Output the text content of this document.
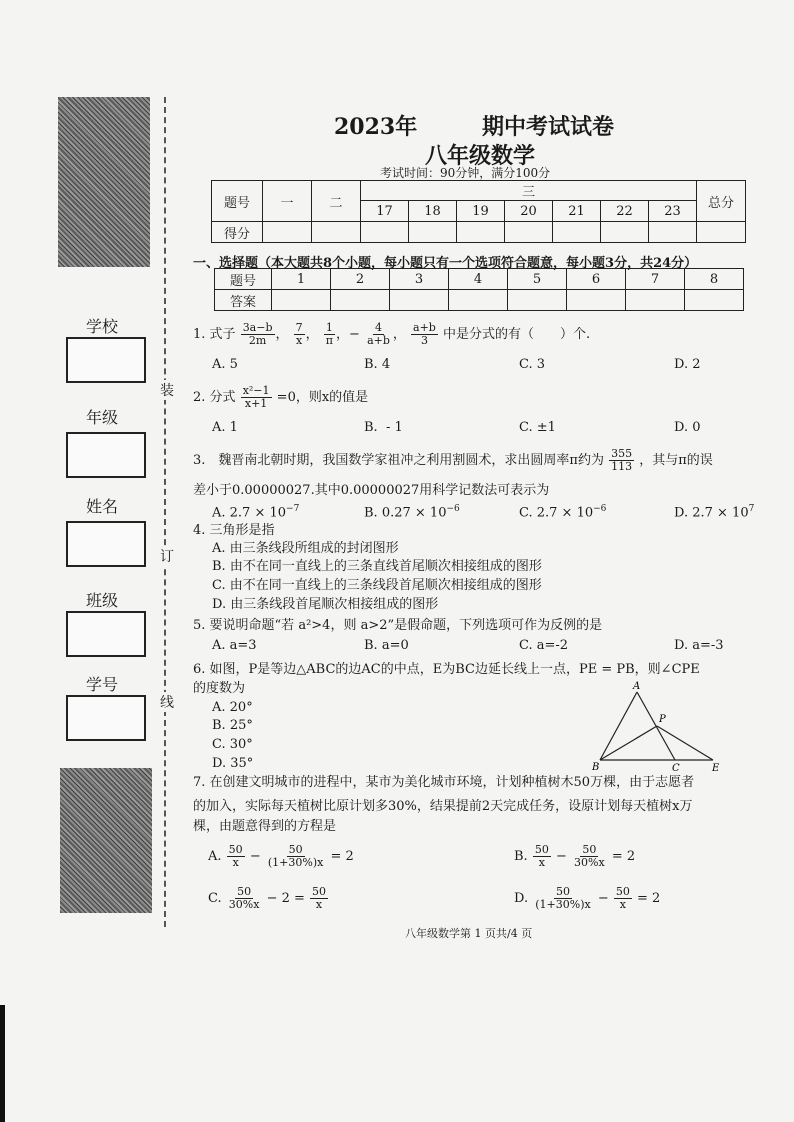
学校
年级
姓名
班级
学号
装
订
线
2023年	期中考试试卷
八年级数学
考试时间：90分钟，满分100分
题号	一	二	三							总分
			17	18	19	20	21	22	23	
得分										
一、选择题（本大题共8个小题，每小题只有一个选项符合题意，每小题3分，共24分）
题号	1	2	3	4	5	6	7	8
答案								
1. 式子 $\frac{3a-b}{2m}$ ， $\frac{7}{x}$ ， $\frac{1}{\pi}$ ，− $\frac{4}{a+b}$ ， $\frac{a+b}{3}$ 中是分式的有（　　）个.
A. 5	B. 4	C. 3	D. 2
2. 分式 $\frac{\text{x²−1}}{x+1} =0$，则x的值是
A. 1	B.  - 1	C. ±1	D. 0
3.　魏晋南北朝时期，我国数学家祖冲之利用割圆术，求出圆周率π约为 $\frac{355}{113}$ ，其与π的误
差小于0.00000027.其中0.00000027用科学记数法可表示为
A. $2.7 \times 10^{-7}$	B. $0.27 \times 10^{-6}$	C. $2.7 \times 10^{-6}$	D. $2.7 \times 10^7$
4. 三角形是指
A. 由三条线段所组成的封闭图形
B. 由不在同一直线上的三条直线首尾顺次相接组成的图形
C. 由不在同一直线上的三条线段首尾顺次相接组成的图形
D. 由三条线段首尾顺次相接组成的图形
5. 要说明命题“若 a²>4，则 a>2”是假命题，下列选项可作为反例的是
A. a=3	B. a=0	C. a=-2	D. a=-3
6. 如图，P是等边△ABC的边AC的中点，E为BC边延长线上一点，PE = PB，则∠CPE
的度数为
A. 20°
B. 25°
C. 30°
D. 35°
A
P
B	C	E
7. 在创建文明城市的进程中，某市为美化城市环境，计划种植树木50万棵，由于志愿者
的加入，实际每天植树比原计划多30%，结果提前2天完成任务，设原计划每天植树x万
棵，由题意得到的方程是
A. $\frac{50}{x} - \frac{50}{(1+30\%)x} = 2$	B. $\frac{50}{x} - \frac{50}{30\%x} = 2$
C. $\frac{50}{30\%x} - 2 = \frac{50}{x}$	D. $\frac{50}{(1+30\%)x} - \frac{50}{x} = 2$
八年级数学第 1 页共/4 页
